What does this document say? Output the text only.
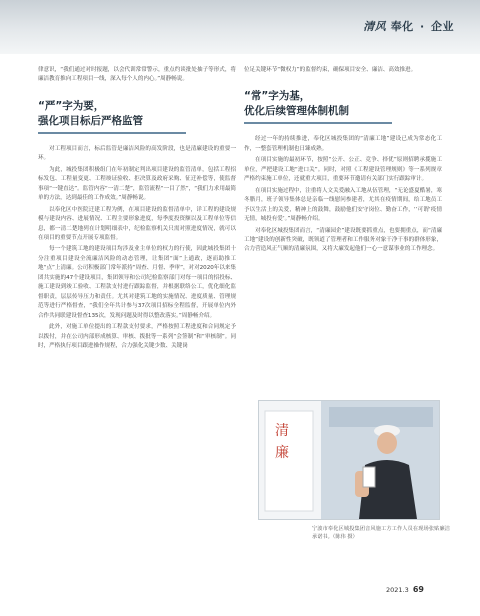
清风 奉化 · 企业

律意识，“我们通过对时报题，以会代训常常警示，重点约谈批处抽子等形式，将廉洁教育推向工程项目一线，深入每个人的内心。”周静畅说。

“严”字为要，
强化项目标后严格监管

对工程项目而言，标后监管是廉洁风险的高发阶段，也是清廉建设的重要一环。

为此，城投集团积极组门在年初制定判出项目建设的监管清单，包括工程招标发包、工程量变更、工程竣证验收、拒决算及政府采购、征迁补偿等，使监督事项“一键直达”。监管内容“一清二楚”，监管流程“一目了然”，“我们力求用最简单的方法，达到最佳的工作成效。”周静畅说。

以奉化区中医院迁建工程为例，在项目建设的监督清单中，详工程的建设规模与建设内容、进展情况、工程主要形象进度，每季度投资额以及工程单位等信息，都一清二楚地列在计划明细表中，纪检监察机关只需对照进度情况，就可以在项目的重要节点开展专项监督。

每一个建筑工地的建设项目均涉及业主单位的权力的行使，因此城投集团十分注重项目建设全流廉洁风险的动态管理，让集团“面”上通政，逐而助推工地“点”上清廉。公司积极部门常年派持“周查、月督、季审”，对对2020年以来集团共实施的47个建设项目，集团领导和公司纪检监察部门对每一项目的招投标、施工建设到竣工验收、工程款支付进行跟踪监督，并根据联络公工，优化细化监督职责，层层传导压力和责任。尤其对建筑工地的实施情况、进度质量、管理规范等进行严格督查，“我们全年共计参与37次项目招标全程监督，开展单位内外合作共同联建设督查135次，发现问题及时得以整改落实。”周静畅介绍。

此外，对施工单位提出的工程款支付要求，严格按照工程进度和合同规定予以拨付，并在公司内部形成核算、审核、拨批等一系列“会签制”和“审核制”。同时，严格执行项目跟进操作规程，合力强化关键少数、关键岗

位足关键环节“微权力”的监督约束，确保项目安全、廉洁、高效推进。

“常”字为基，
优化后续管理体制机制

经过一年的持续推进，奉化区城投集团的“清廉工地”建设已成为常态化工作，一整套管理机制也日臻成熟。

在项目实施的最初环节，按照“公开、公正、竞争、择优”原则招聘承揽施工单位，严把建设工地“进口关”。同时，对照《工程建设管理规则》等一系列规章严格约束施工单位，还就重大项目，重要环节邀请有关部门实行跟踪审计。

在项目实施过程中，注重将人文关爱融入工地从伍管理，“无论盛夏酷暑，寒冬腊月，班子领导集体总是亲临一线慰问参建者，尤其在疫情期间，给工地员工予以生活上的关爱，精神上的鼓舞，鼓励他们安守岗位、勤奋工作，‘’可谓‘疫情无情，城投有爱’。”周静畅介绍。

对奉化区城投集团而言，“清廉园企”建设既要抓重点，也要拥重点，而“清廉工地”建设的创新性突破，既领道了管理者和工作服务对象干净干事的群体形象，合力营造风正气顺的清廉氛围，又将大廉发起他们一心一意谋事业的工作理念。

清
廉
宁波市奉化区城投集团音风施工方工作人员在现场张贴廉洁承诺书。（陈伟 摄）
2021.3 69
